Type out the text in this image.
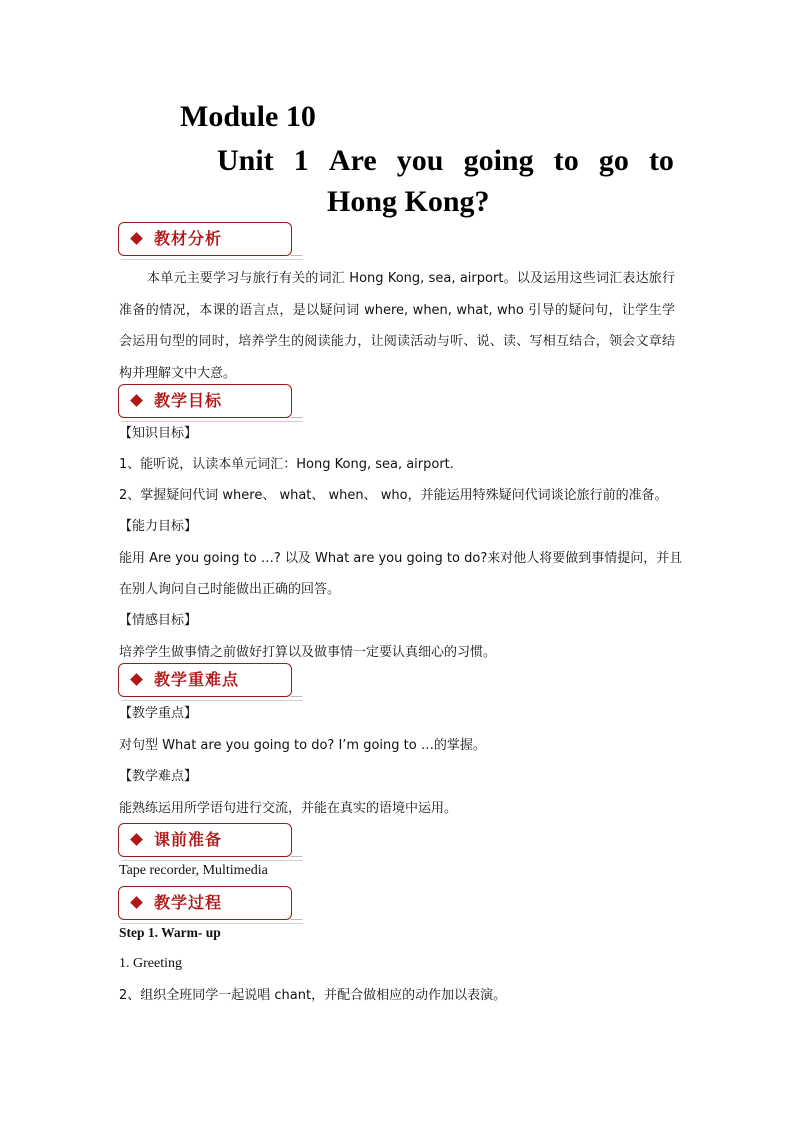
Module 10
Unit 1 Are you going to go to
Hong Kong?
教材分析
本单元主要学习与旅行有关的词汇 Hong Kong, sea, airport。以及运用这些词汇表达旅行准备的情况，本课的语言点，是以疑问词 where, when, what, who 引导的疑问句，让学生学会运用句型的同时，培养学生的阅读能力，让阅读活动与听、说、读、写相互结合，领会文章结构并理解文中大意。
教学目标
【知识目标】
1、能听说，认读本单元词汇：Hong Kong, sea, airport.
2、掌握疑问代词 where、 what、 when、 who，并能运用特殊疑问代词谈论旅行前的准备。
【能力目标】
能用 Are you going to …? 以及 What are you going to do?来对他人将要做到事情提问，并且
在别人询问自己时能做出正确的回答。
【情感目标】
培养学生做事情之前做好打算以及做事情一定要认真细心的习惯。
教学重难点
【教学重点】
对句型 What are you going to do? I’m going to …的掌握。
【教学难点】
能熟练运用所学语句进行交流，并能在真实的语境中运用。
课前准备
Tape recorder, Multimedia
教学过程
Step 1. Warm- up
1. Greeting
2、组织全班同学一起说唱 chant，并配合做相应的动作加以表演。
